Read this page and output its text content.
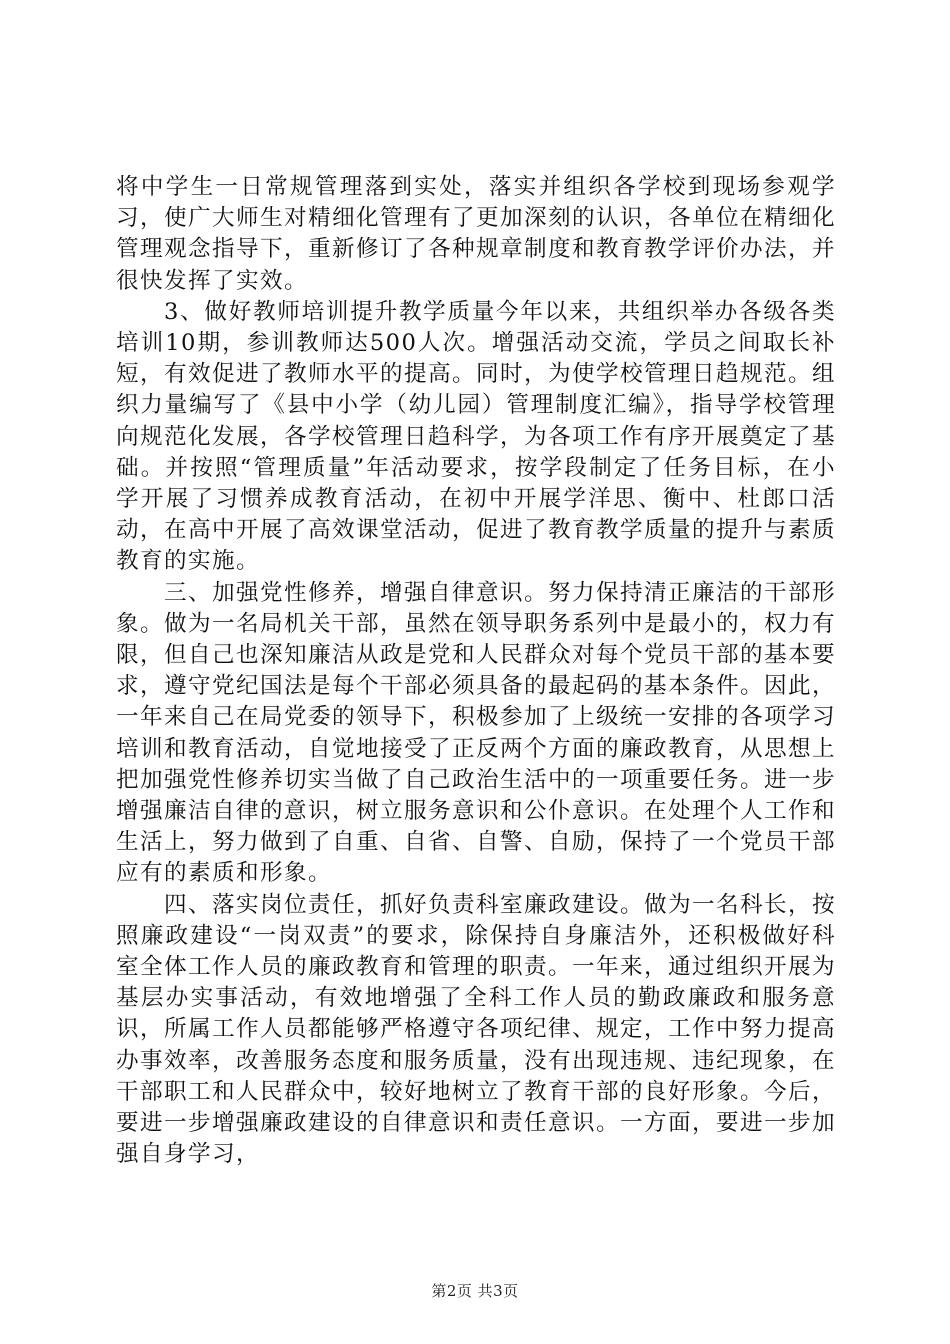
将中学生一日常规管理落到实处，落实并组织各学校到现场参观学习，使广大师生对精细化管理有了更加深刻的认识，各单位在精细化管理观念指导下，重新修订了各种规章制度和教育教学评价办法，并很快发挥了实效。

3、做好教师培训提升教学质量今年以来，共组织举办各级各类培训10期，参训教师达500人次。增强活动交流，学员之间取长补短，有效促进了教师水平的提高。同时，为使学校管理日趋规范。组织力量编写了《县中小学（幼儿园）管理制度汇编》，指导学校管理向规范化发展，各学校管理日趋科学，为各项工作有序开展奠定了基础。并按照“管理质量”年活动要求，按学段制定了任务目标，在小学开展了习惯养成教育活动，在初中开展学洋思、衡中、杜郎口活动，在高中开展了高效课堂活动，促进了教育教学质量的提升与素质教育的实施。

三、加强党性修养，增强自律意识。努力保持清正廉洁的干部形象。做为一名局机关干部，虽然在领导职务系列中是最小的，权力有限，但自己也深知廉洁从政是党和人民群众对每个党员干部的基本要求，遵守党纪国法是每个干部必须具备的最起码的基本条件。因此，一年来自己在局党委的领导下，积极参加了上级统一安排的各项学习培训和教育活动，自觉地接受了正反两个方面的廉政教育，从思想上把加强党性修养切实当做了自己政治生活中的一项重要任务。进一步增强廉洁自律的意识，树立服务意识和公仆意识。在处理个人工作和生活上，努力做到了自重、自省、自警、自励，保持了一个党员干部应有的素质和形象。

四、落实岗位责任，抓好负责科室廉政建设。做为一名科长，按照廉政建设“一岗双责”的要求，除保持自身廉洁外，还积极做好科室全体工作人员的廉政教育和管理的职责。一年来，通过组织开展为基层办实事活动，有效地增强了全科工作人员的勤政廉政和服务意识，所属工作人员都能够严格遵守各项纪律、规定，工作中努力提高办事效率，改善服务态度和服务质量，没有出现违规、违纪现象，在干部职工和人民群众中，较好地树立了教育干部的良好形象。今后，要进一步增强廉政建设的自律意识和责任意识。一方面，要进一步加强自身学习，

第2页 共3页
